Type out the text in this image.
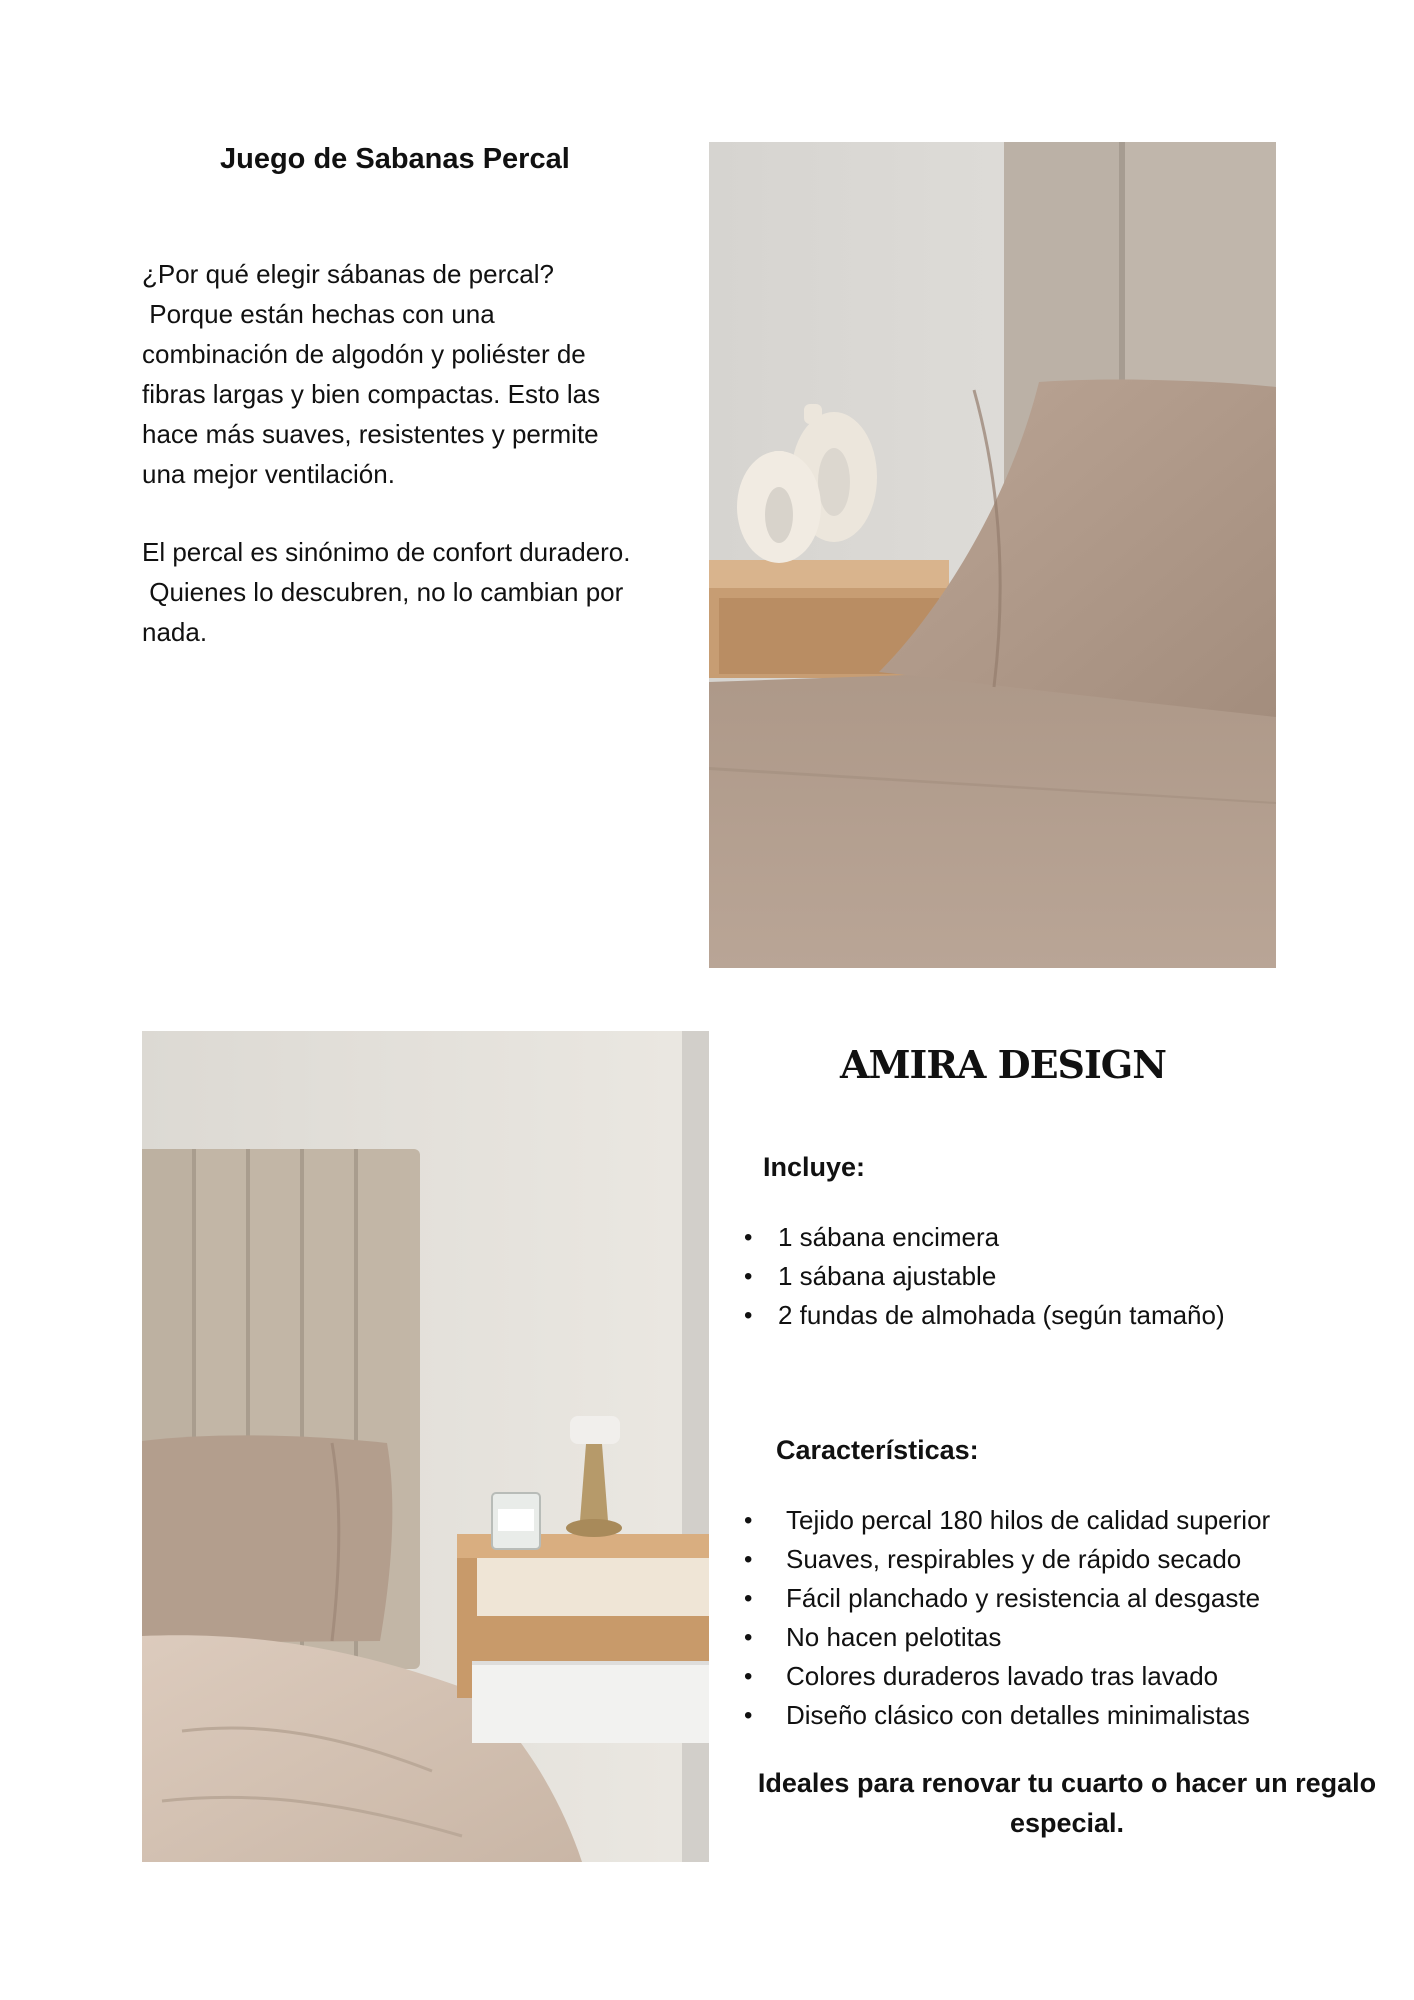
Juego de Sabanas Percal

¿Por qué elegir sábanas de percal?
Porque están hechas con una
combinación de algodón y poliéster de
fibras largas y bien compactas. Esto las
hace más suaves, resistentes y permite
una mejor ventilación.

El percal es sinónimo de confort duradero.
Quienes lo descubren, no lo cambian por
nada.

AMIRA DESIGN
Incluye:
• 1 sábana encimera
• 1 sábana ajustable
• 2 fundas de almohada (según tamaño)
Características:
• Tejido percal 180 hilos de calidad superior
• Suaves, respirables y de rápido secado
• Fácil planchado y resistencia al desgaste
• No hacen pelotitas
• Colores duraderos lavado tras lavado
• Diseño clásico con detalles minimalistas

Ideales para renovar tu cuarto o hacer un regalo
especial.
